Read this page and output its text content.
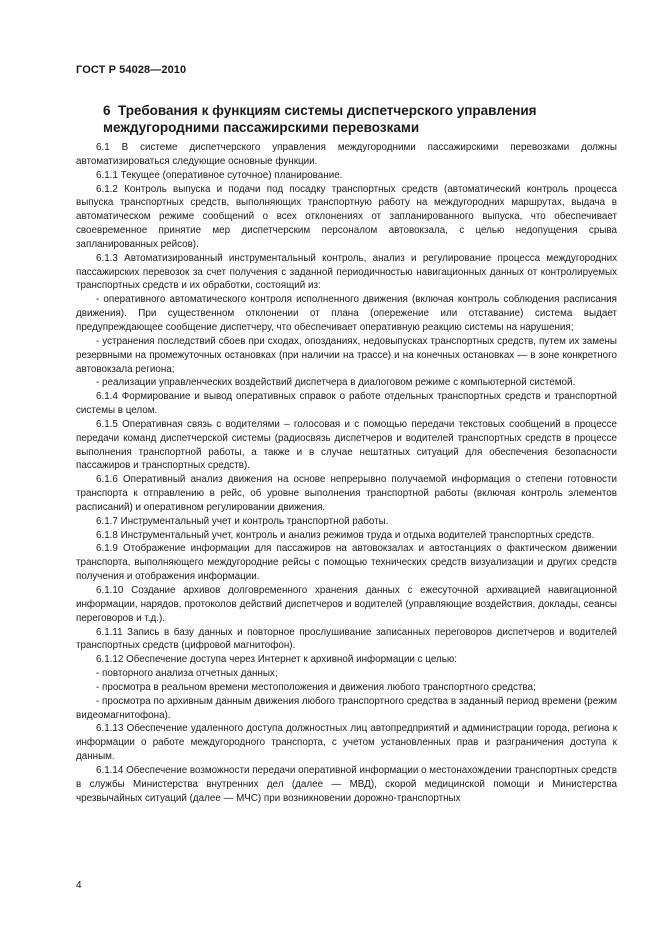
ГОСТ Р 54028—2010
6 Требования к функциям системы диспетчерского управления
междугородними пассажирскими перевозками

6.1 В системе диспетчерского управления междугородними пассажирскими перевозками должны автоматизироваться следующие основные функции.

6.1.1 Текущее (оперативное суточное) планирование.

6.1.2 Контроль выпуска и подачи под посадку транспортных средств (автоматический контроль процесса выпуска транспортных средств, выполняющих транспортную работу на междугородних маршрутах, выдача в автоматическом режиме сообщений о всех отклонениях от запланированного выпуска, что обеспечивает своевременное принятие мер диспетчерским персоналом автовокзала, с целью недопущения срыва запланированных рейсов).

6.1.3 Автоматизированный инструментальный контроль, анализ и регулирование процесса междугородних пассажирских перевозок за счет получения с заданной периодичностью навигационных данных от контролируемых транспортных средств и их обработки, состоящий из:

- оперативного автоматического контроля исполненного движения (включая контроль соблюдения расписания движения). При существенном отклонении от плана (опережение или отставание) система выдает предупреждающее сообщение диспетчеру, что обеспечивает оперативную реакцию системы на нарушения;

- устранения последствий сбоев при сходах, опозданиях, недовыпусках транспортных средств, путем их замены резервными на промежуточных остановках (при наличии на трассе) и на конечных остановках — в зоне конкретного автовокзала региона;

- реализации управленческих воздействий диспетчера в диалоговом режиме с компьютерной системой.

6.1.4 Формирование и вывод оперативных справок о работе отдельных транспортных средств и транспортной системы в целом.

6.1.5 Оперативная связь с водителями – голосовая и с помощью передачи текстовых сообщений в процессе передачи команд диспетчерской системы (радиосвязь диспетчеров и водителей транспортных средств в процессе выполнения транспортной работы, а также и в случае нештатных ситуаций для обеспечения безопасности пассажиров и транспортных средств).

6.1.6 Оперативный анализ движения на основе непрерывно получаемой информация о степени готовности транспорта к отправлению в рейс, об уровне выполнения транспортной работы (включая контроль элементов расписаний) и оперативном регулировании движения.

6.1.7 Инструментальный учет и контроль транспортной работы.

6.1.8 Инструментальный учет, контроль и анализ режимов труда и отдыха водителей транспортных средств.

6.1.9 Отображение информации для пассажиров на автовокзалах и автостанциях о фактическом движении транспорта, выполняющего междугородние рейсы с помощью технических средств визуализации и других средств получения и отображения информации.

6.1.10 Создание архивов долговременного хранения данных с ежесуточной архивацией навигационной информации, нарядов, протоколов действий диспетчеров и водителей (управляющие воздействия, доклады, сеансы переговоров и т.д.).

6.1.11 Запись в базу данных и повторное прослушивание записанных переговоров диспетчеров и водителей транспортных средств (цифровой магнитофон).

6.1.12 Обеспечение доступа через Интернет к архивной информации с целью:

- повторного анализа отчетных данных;

- просмотра в реальном времени местоположения и движения любого транспортного средства;

- просмотра по архивным данным движения любого транспортного средства в заданный период времени (режим видеомагнитофона).

6.1.13 Обеспечение удаленного доступа должностных лиц автопредприятий и администрации города, региона к информации о работе междугородного транспорта, с учетом установленных прав и разграничения доступа к данным.

6.1.14 Обеспечение возможности передачи оперативной информации о местонахождении транспортных средств в службы Министерства внутренних дел (далее — МВД), скорой медицинской помощи и Министерства чрезвычайных ситуаций (далее — МЧС) при возникновении дорожно-транспортных

4
